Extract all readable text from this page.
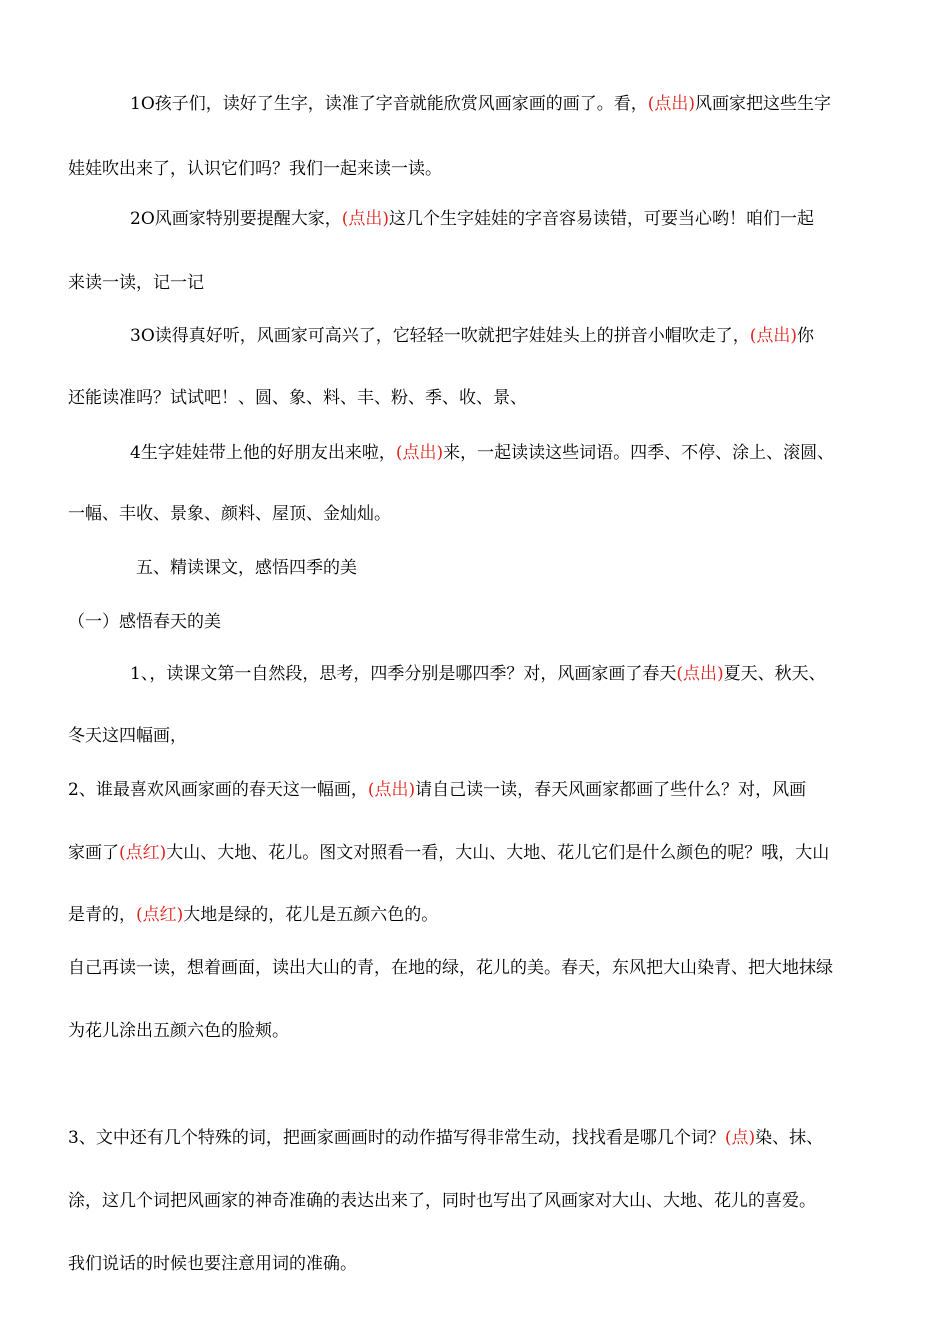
1O孩子们，读好了生字，读准了字音就能欣赏风画家画的画了。看，(点出)风画家把这些生字

娃娃吹出来了，认识它们吗？我们一起来读一读。

2O风画家特别要提醒大家，(点出)这几个生字娃娃的字音容易读错，可要当心哟！咱们一起

来读一读，记一记

3O读得真好听，风画家可高兴了，它轻轻一吹就把字娃娃头上的拼音小帽吹走了，(点出)你

还能读准吗？试试吧！、圆、象、料、丰、粉、季、收、景、

4生字娃娃带上他的好朋友出来啦，(点出)来，一起读读这些词语。四季、不停、涂上、滚圆、

一幅、丰收、景象、颜料、屋顶、金灿灿。

五、精读课文，感悟四季的美

（一）感悟春天的美

1、，读课文第一自然段，思考，四季分别是哪四季？对，风画家画了春天(点出)夏天、秋天、

冬天这四幅画，

2、谁最喜欢风画家画的春天这一幅画，(点出)请自己读一读，春天风画家都画了些什么？对，风画

家画了(点红)大山、大地、花儿。图文对照看一看，大山、大地、花儿它们是什么颜色的呢？哦，大山

是青的，(点红)大地是绿的，花儿是五颜六色的。

自己再读一读，想着画面，读出大山的青，在地的绿，花儿的美。春天，东风把大山染青、把大地抹绿

为花儿涂出五颜六色的脸颊。

3、文中还有几个特殊的词，把画家画画时的动作描写得非常生动，找找看是哪几个词？(点)染、抹、

涂，这几个词把风画家的神奇准确的表达出来了，同时也写出了风画家对大山、大地、花儿的喜爱。

我们说话的时候也要注意用词的准确。
